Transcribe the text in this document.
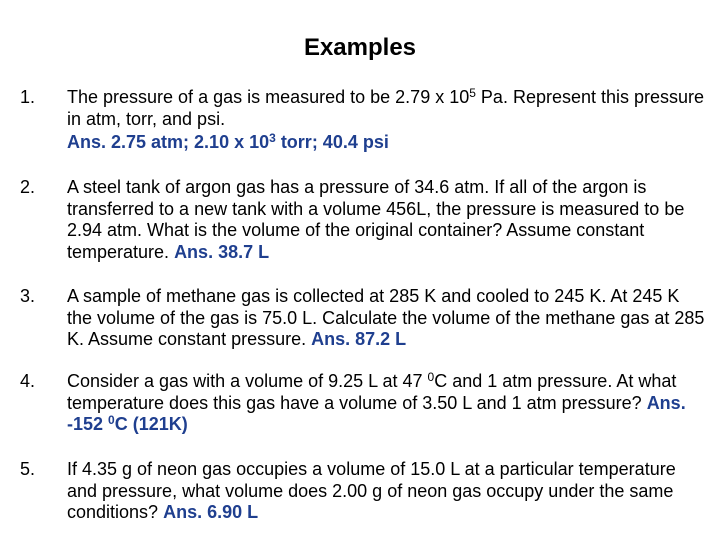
Examples
1. The pressure of a gas is measured to be 2.79 x $10^5$ Pa. Represent this pressure in atm, torr, and psi.
Ans. 2.75 atm; 2.10 x $10^3$ torr; 40.4 psi

2. A steel tank of argon gas has a pressure of 34.6 atm. If all of the argon is transferred to a new tank with a volume 456L, the pressure is measured to be 2.94 atm. What is the volume of the original container? Assume constant temperature. Ans. 38.7 L

3. A sample of methane gas is collected at 285 K and cooled to 245 K. At 245 K the volume of the gas is 75.0 L. Calculate the volume of the methane gas at 285 K. Assume constant pressure. Ans. 87.2 L

4. Consider a gas with a volume of 9.25 L at 47 $^0$C and 1 atm pressure. At what temperature does this gas have a volume of 3.50 L and 1 atm pressure? Ans. -152 $^0$C (121K)

5. If 4.35 g of neon gas occupies a volume of 15.0 L at a particular temperature and pressure, what volume does 2.00 g of neon gas occupy under the same conditions? Ans. 6.90 L
